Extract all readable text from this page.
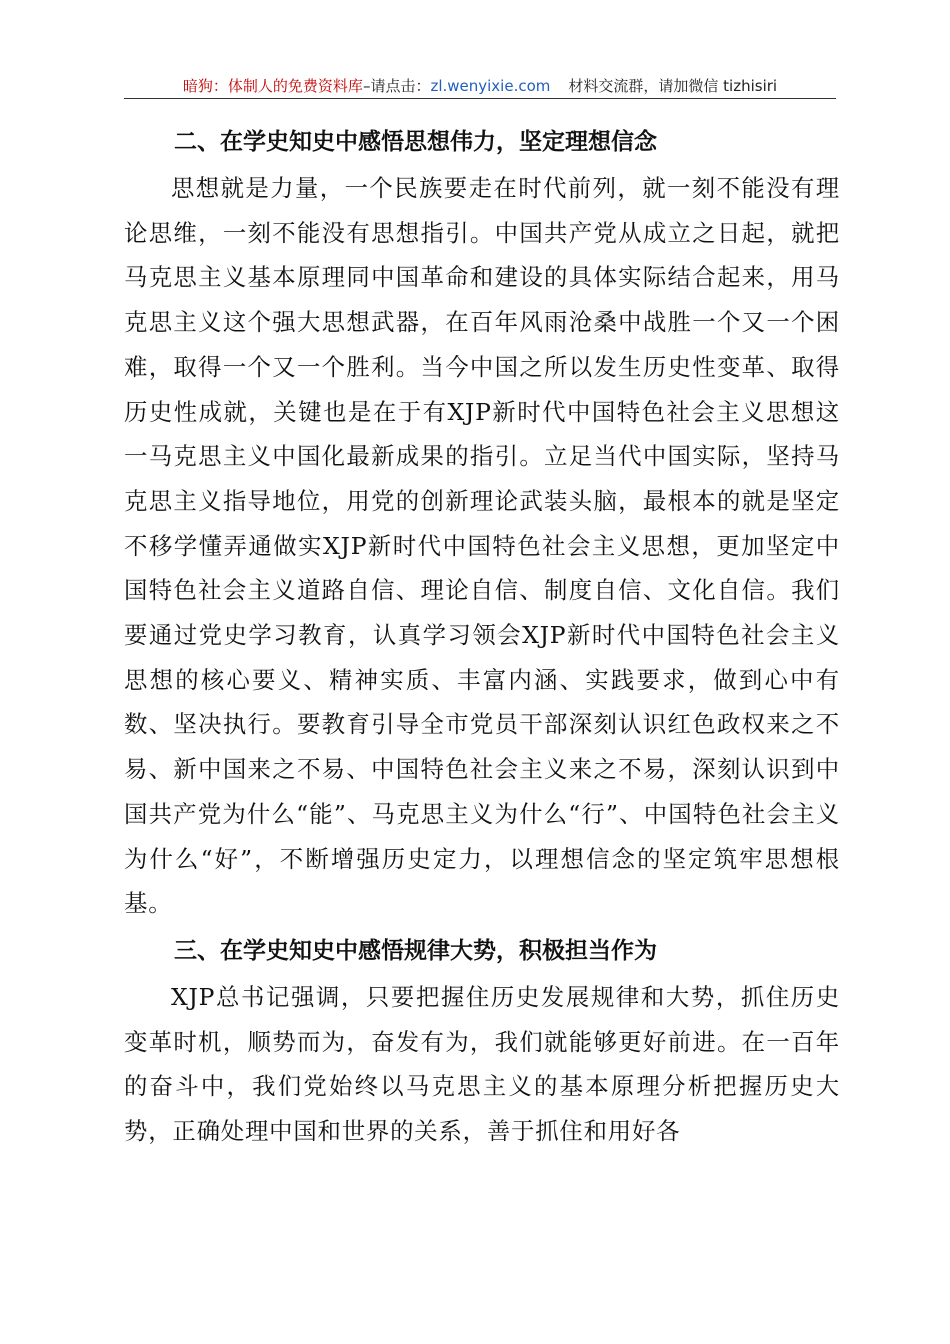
暗狗：体制人的免费资料库–请点击：zl.wenyixie.com 材料交流群，请加微信 tizhisiri
二、在学史知史中感悟思想伟力，坚定理想信念

思想就是力量，一个民族要走在时代前列，就一刻不能没有理论思维，一刻不能没有思想指引。中国共产党从成立之日起，就把马克思主义基本原理同中国革命和建设的具体实际结合起来，用马克思主义这个强大思想武器，在百年风雨沧桑中战胜一个又一个困难，取得一个又一个胜利。当今中国之所以发生历史性变革、取得历史性成就，关键也是在于有XJP新时代中国特色社会主义思想这一马克思主义中国化最新成果的指引。立足当代中国实际，坚持马克思主义指导地位，用党的创新理论武装头脑，最根本的就是坚定不移学懂弄通做实XJP新时代中国特色社会主义思想，更加坚定中国特色社会主义道路自信、理论自信、制度自信、文化自信。我们要通过党史学习教育，认真学习领会XJP新时代中国特色社会主义思想的核心要义、精神实质、丰富内涵、实践要求，做到心中有数、坚决执行。要教育引导全市党员干部深刻认识红色政权来之不易、新中国来之不易、中国特色社会主义来之不易，深刻认识到中国共产党为什么“能”、马克思主义为什么“行”、中国特色社会主义为什么“好”，不断增强历史定力，以理想信念的坚定筑牢思想根基。

三、在学史知史中感悟规律大势，积极担当作为

XJP总书记强调，只要把握住历史发展规律和大势，抓住历史变革时机，顺势而为，奋发有为，我们就能够更好前进。在一百年的奋斗中，我们党始终以马克思主义的基本原理分析把握历史大势，正确处理中国和世界的关系，善于抓住和用好各
